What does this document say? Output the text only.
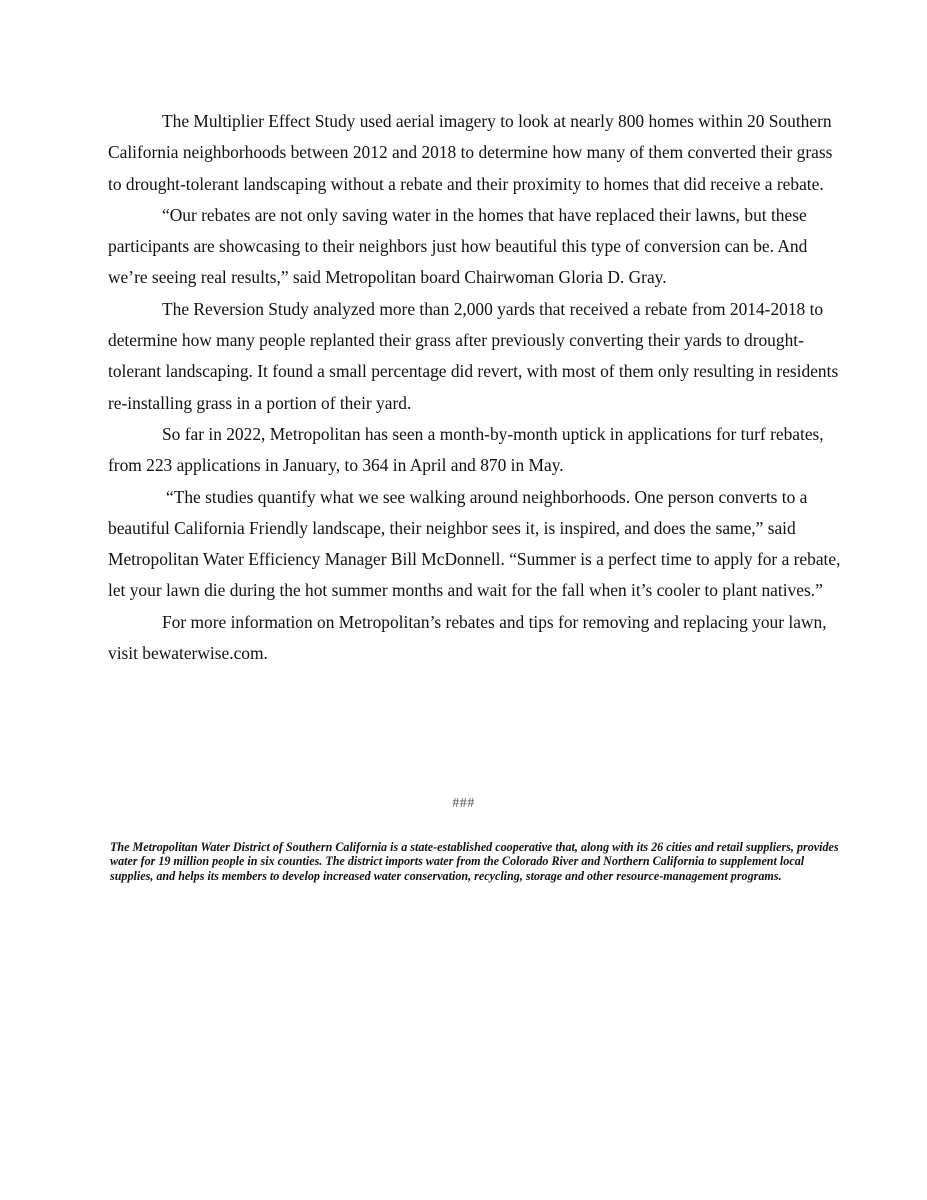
The Multiplier Effect Study used aerial imagery to look at nearly 800 homes within 20 Southern California neighborhoods between 2012 and 2018 to determine how many of them converted their grass to drought-tolerant landscaping without a rebate and their proximity to homes that did receive a rebate.

“Our rebates are not only saving water in the homes that have replaced their lawns, but these participants are showcasing to their neighbors just how beautiful this type of conversion can be. And we’re seeing real results,” said Metropolitan board Chairwoman Gloria D. Gray.

The Reversion Study analyzed more than 2,000 yards that received a rebate from 2014-2018 to determine how many people replanted their grass after previously converting their yards to drought-tolerant landscaping. It found a small percentage did revert, with most of them only resulting in residents re-installing grass in a portion of their yard.

So far in 2022, Metropolitan has seen a month-by-month uptick in applications for turf rebates, from 223 applications in January, to 364 in April and 870 in May.

“The studies quantify what we see walking around neighborhoods. One person converts to a beautiful California Friendly landscape, their neighbor sees it, is inspired, and does the same,” said Metropolitan Water Efficiency Manager Bill McDonnell. “Summer is a perfect time to apply for a rebate, let your lawn die during the hot summer months and wait for the fall when it’s cooler to plant natives.”

For more information on Metropolitan’s rebates and tips for removing and replacing your lawn, visit bewaterwise.com.

###

The Metropolitan Water District of Southern California is a state-established cooperative that, along with its 26 cities and retail suppliers, provides water for 19 million people in six counties. The district imports water from the Colorado River and Northern California to supplement local supplies, and helps its members to develop increased water conservation, recycling, storage and other resource-management programs.
